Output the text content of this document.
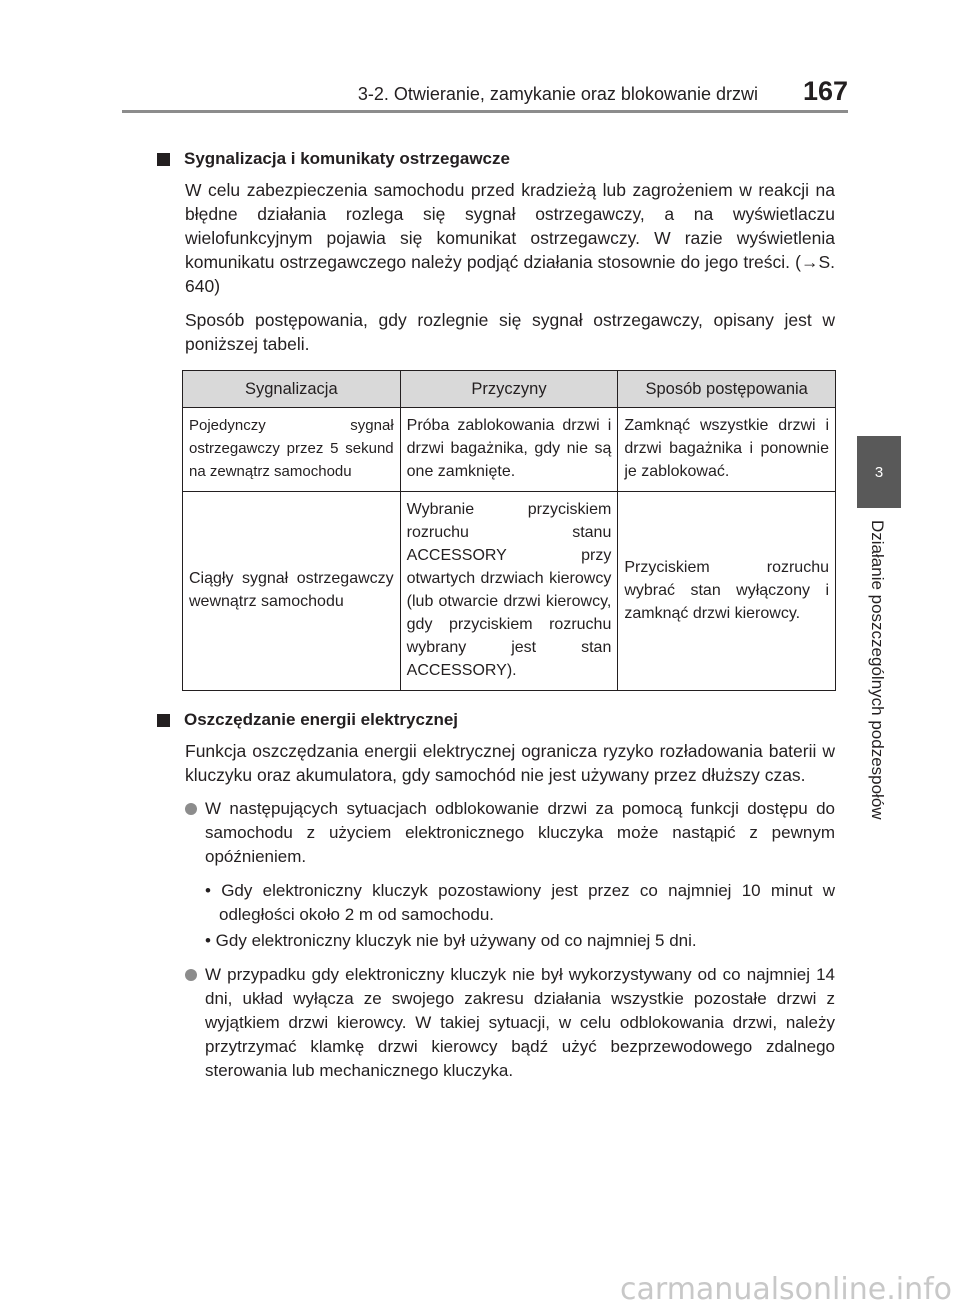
3-2. Otwieranie, zamykanie oraz blokowanie drzwi 167
3
Działanie poszczególnych podzespołów
Sygnalizacja i komunikaty ostrzegawcze

W celu zabezpieczenia samochodu przed kradzieżą lub zagrożeniem w reakcji na błędne działania rozlega się sygnał ostrzegawczy, a na wyświetlaczu wielofunkcyjnym pojawia się komunikat ostrzegawczy. W razie wyświetlenia komunikatu ostrzegawczego należy podjąć działania stosownie do jego treści. (→S. 640)

Sposób postępowania, gdy rozlegnie się sygnał ostrzegawczy, opisany jest w poniższej tabeli.

Sygnalizacja	Przyczyny	Sposób postępowania
Pojedynczy sygnał ostrzegawczy przez 5 sekund na zewnątrz samochodu	Próba zablokowania drzwi i drzwi bagażnika, gdy nie są one zamknięte.	Zamknąć wszystkie drzwi i drzwi bagażnika i ponownie je zablokować.
Ciągły sygnał ostrzegawczy wewnątrz samochodu	Wybranie przyciskiem rozruchu stanu ACCESSORY przy otwartych drzwiach kierowcy (lub otwarcie drzwi kierowcy, gdy przyciskiem rozruchu wybrany jest stan ACCESSORY).	Przyciskiem rozruchu wybrać stan wyłączony i zamknąć drzwi kierowcy.
Oszczędzanie energii elektrycznej

Funkcja oszczędzania energii elektrycznej ogranicza ryzyko rozładowania baterii w kluczyku oraz akumulatora, gdy samochód nie jest używany przez dłuższy czas.

W następujących sytuacjach odblokowanie drzwi za pomocą funkcji dostępu do samochodu z użyciem elektronicznego kluczyka może nastąpić z pewnym opóźnieniem.
• Gdy elektroniczny kluczyk pozostawiony jest przez co najmniej 10 minut w odległości około 2 m od samochodu.
• Gdy elektroniczny kluczyk nie był używany od co najmniej 5 dni.
W przypadku gdy elektroniczny kluczyk nie był wykorzystywany od co najmniej 14 dni, układ wyłącza ze swojego zakresu działania wszystkie pozostałe drzwi z wyjątkiem drzwi kierowcy. W takiej sytuacji, w celu odblokowania drzwi, należy przytrzymać klamkę drzwi kierowcy bądź użyć bezprzewodowego zdalnego sterowania lub mechanicznego kluczyka.
carmanualsonline.info
